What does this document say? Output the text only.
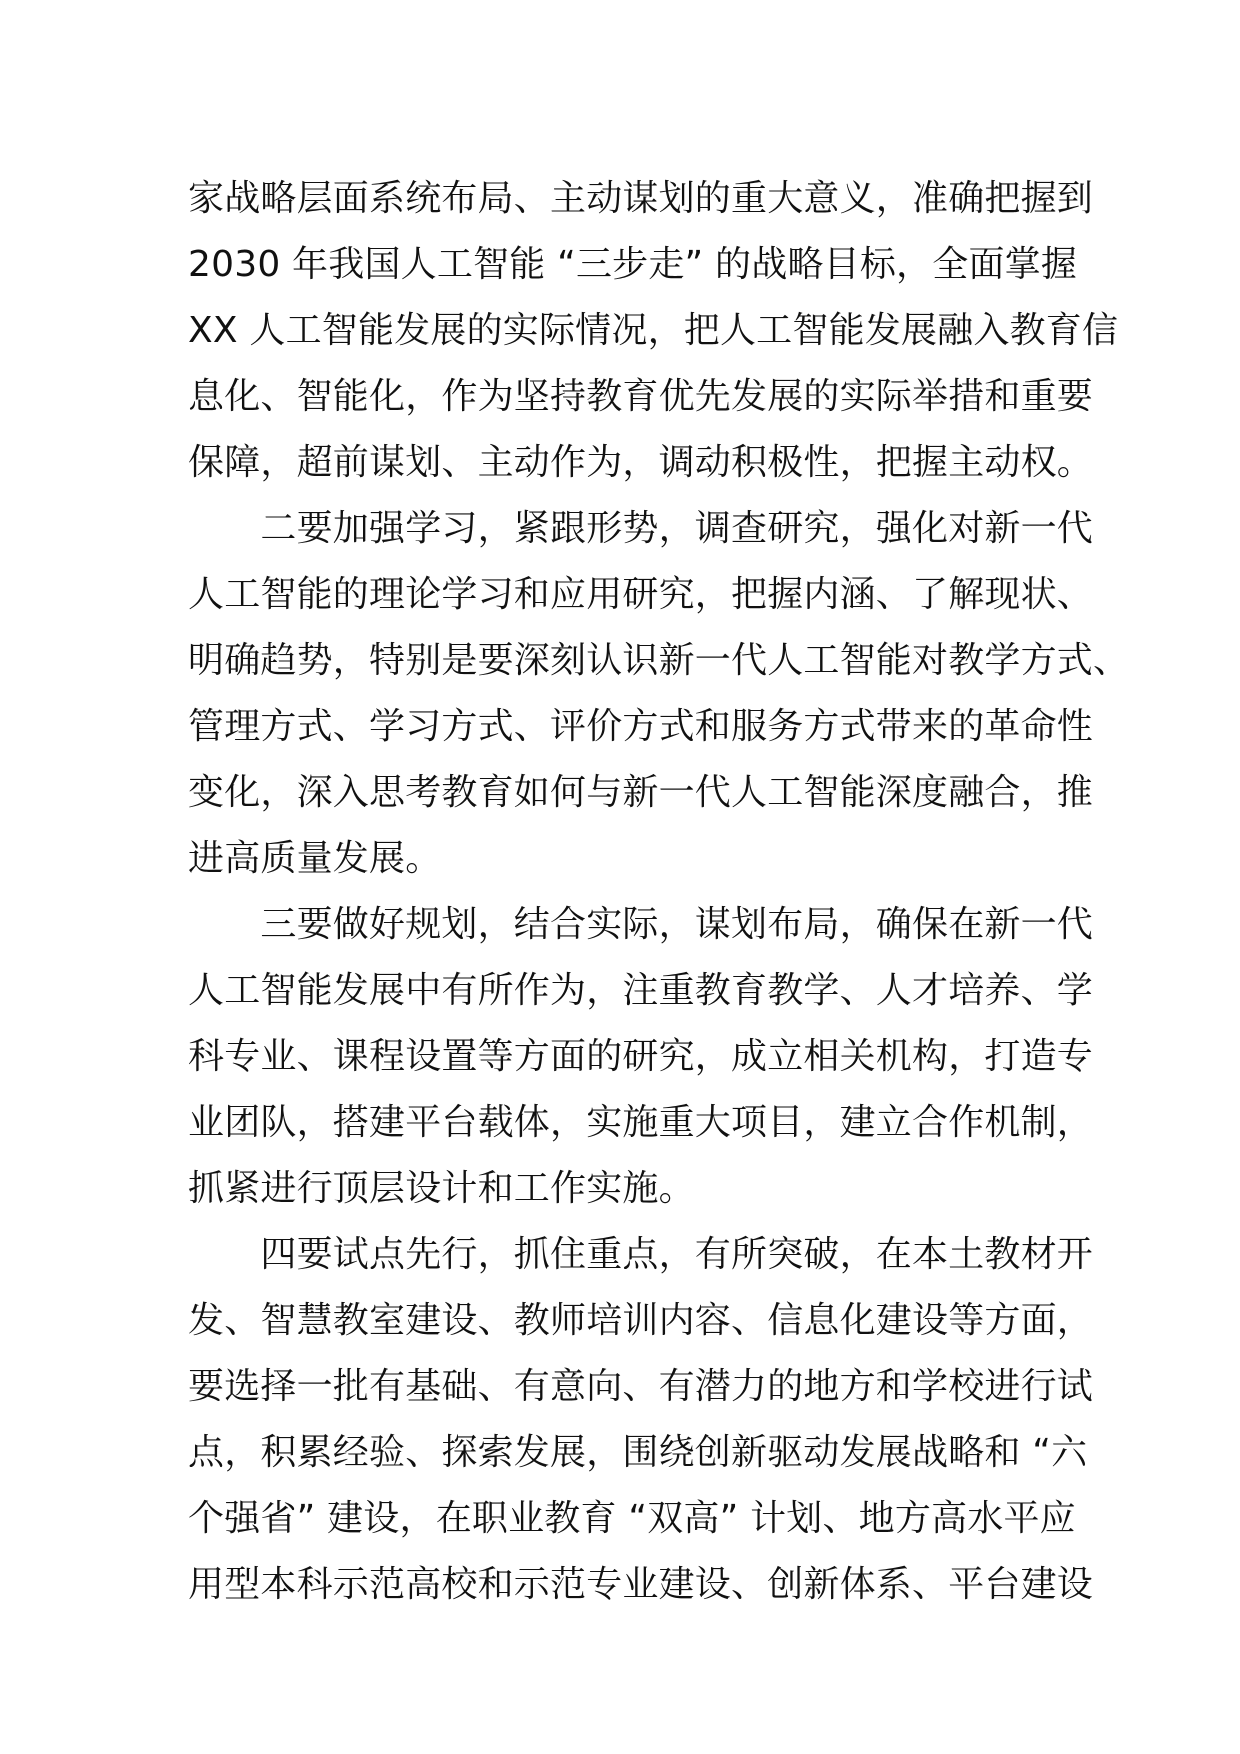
家战略层面系统布局、主动谋划的重大意义，准确把握到
2030 年我国人工智能 “三步走” 的战略目标，全面掌握
XX 人工智能发展的实际情况，把人工智能发展融入教育信
息化、智能化，作为坚持教育优先发展的实际举措和重要
保障，超前谋划、主动作为，调动积极性，把握主动权。
　　二要加强学习，紧跟形势，调查研究，强化对新一代
人工智能的理论学习和应用研究，把握内涵、了解现状、
明确趋势，特别是要深刻认识新一代人工智能对教学方式、
管理方式、学习方式、评价方式和服务方式带来的革命性
变化，深入思考教育如何与新一代人工智能深度融合，推
进高质量发展。
　　三要做好规划，结合实际，谋划布局，确保在新一代
人工智能发展中有所作为，注重教育教学、人才培养、学
科专业、课程设置等方面的研究，成立相关机构，打造专
业团队，搭建平台载体，实施重大项目，建立合作机制，
抓紧进行顶层设计和工作实施。
　　四要试点先行，抓住重点，有所突破，在本土教材开
发、智慧教室建设、教师培训内容、信息化建设等方面，
要选择一批有基础、有意向、有潜力的地方和学校进行试
点，积累经验、探索发展，围绕创新驱动发展战略和 “六
个强省” 建设，在职业教育 “双高” 计划、地方高水平应
用型本科示范高校和示范专业建设、创新体系、平台建设
